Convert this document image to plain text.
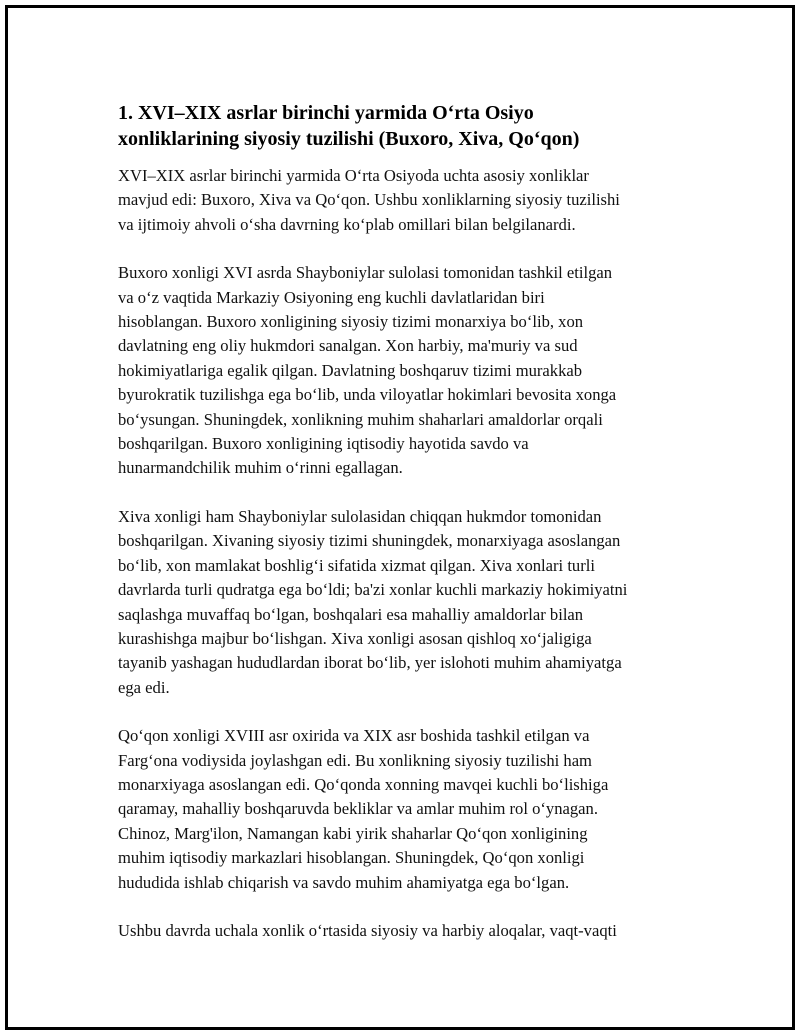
1. XVI–XIX asrlar birinchi yarmida O‘rta Osiyo
xonliklarining siyosiy tuzilishi (Buxoro, Xiva, Qo‘qon)
XVI–XIX asrlar birinchi yarmida O‘rta Osiyoda uchta asosiy xonliklar
mavjud edi: Buxoro, Xiva va Qo‘qon. Ushbu xonliklarning siyosiy tuzilishi
va ijtimoiy ahvoli o‘sha davrning ko‘plab omillari bilan belgilanardi.
Buxoro xonligi XVI asrda Shayboniylar sulolasi tomonidan tashkil etilgan
va o‘z vaqtida Markaziy Osiyoning eng kuchli davlatlaridan biri
hisoblangan. Buxoro xonligining siyosiy tizimi monarxiya bo‘lib, xon
davlatning eng oliy hukmdori sanalgan. Xon harbiy, ma'muriy va sud
hokimiyatlariga egalik qilgan. Davlatning boshqaruv tizimi murakkab
byurokratik tuzilishga ega bo‘lib, unda viloyatlar hokimlari bevosita xonga
bo‘ysungan. Shuningdek, xonlikning muhim shaharlari amaldorlar orqali
boshqarilgan. Buxoro xonligining iqtisodiy hayotida savdo va
hunarmandchilik muhim o‘rinni egallagan.
Xiva xonligi ham Shayboniylar sulolasidan chiqqan hukmdor tomonidan
boshqarilgan. Xivaning siyosiy tizimi shuningdek, monarxiyaga asoslangan
bo‘lib, xon mamlakat boshlig‘i sifatida xizmat qilgan. Xiva xonlari turli
davrlarda turli qudratga ega bo‘ldi; ba'zi xonlar kuchli markaziy hokimiyatni
saqlashga muvaffaq bo‘lgan, boshqalari esa mahalliy amaldorlar bilan
kurashishga majbur bo‘lishgan. Xiva xonligi asosan qishloq xo‘jaligiga
tayanib yashagan hududlardan iborat bo‘lib, yer islohoti muhim ahamiyatga
ega edi.
Qo‘qon xonligi XVIII asr oxirida va XIX asr boshida tashkil etilgan va
Farg‘ona vodiysida joylashgan edi. Bu xonlikning siyosiy tuzilishi ham
monarxiyaga asoslangan edi. Qo‘qonda xonning mavqei kuchli bo‘lishiga
qaramay, mahalliy boshqaruvda bekliklar va amlar muhim rol o‘ynagan.
Chinoz, Marg'ilon, Namangan kabi yirik shaharlar Qo‘qon xonligining
muhim iqtisodiy markazlari hisoblangan. Shuningdek, Qo‘qon xonligi
hududida ishlab chiqarish va savdo muhim ahamiyatga ega bo‘lgan.
Ushbu davrda uchala xonlik o‘rtasida siyosiy va harbiy aloqalar, vaqt-vaqti
